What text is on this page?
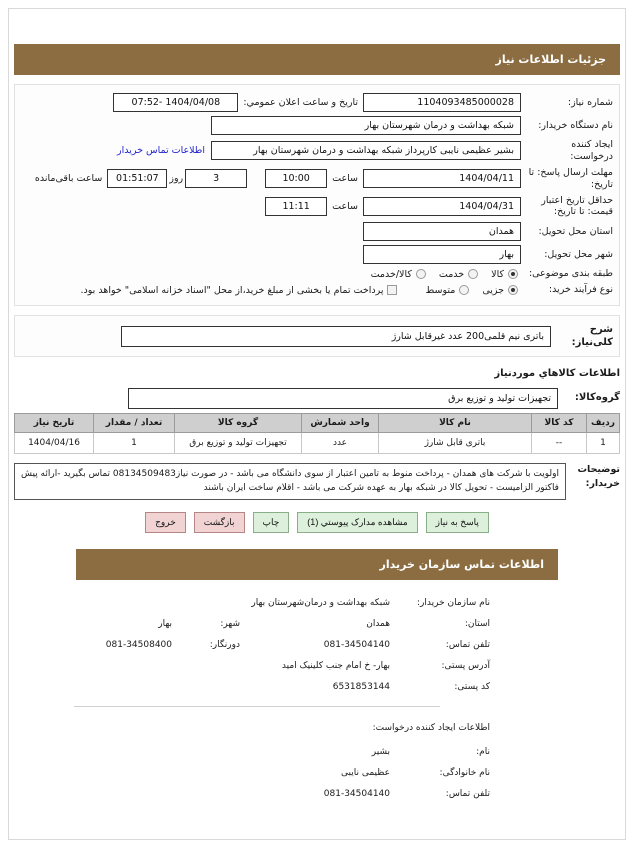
جزئیات اطلاعات نیاز
شماره نیاز:
1104093485000028
تاریخ و ساعت اعلان عمومي:
1404/04/08 -07:52
نام دستگاه خریدار:
شبکه بهداشت و درمان شهرستان بهار
ایجاد کننده درخواست:
بشیر عظیمی نایبی کارپرداز شبکه بهداشت و درمان شهرستان بهار
اطلاعات تماس خریدار
مهلت ارسال پاسخ: تا تاریخ:
1404/04/11
ساعت
10:00
3
روز
01:51:07
ساعت باقی‌مانده
حداقل تاریخ اعتبار قیمت: تا تاریخ:
1404/04/31
ساعت
11:11
استان محل تحویل:
همدان
شهر محل تحویل:
بهار
طبقه بندی موضوعی:
کالا
خدمت
کالا/خدمت
نوع فرآیند خرید:
جزیی
متوسط
پرداخت تمام یا بخشی از مبلغ خرید،از محل "اسناد خزانه اسلامی" خواهد بود.
شرح کلی‌نیاز:
باتری نیم قلمی200 عدد غیرقابل شارژ
اطلاعات کالاهاي موردنیاز
گروه‌کالا:
تجهیزات تولید و توزیع برق
ردیف	کد کالا	نام کالا	واحد شمارش	گروه کالا	تعداد / مقدار	تاریخ نیاز
1	--	باتری قابل شارژ	عدد	تجهیزات تولید و توزیع برق	1	1404/04/16
توضیحات خریدار:
اولویت با شرکت های همدان - پرداخت منوط به تامین اعتبار از سوی دانشگاه می باشد - در صورت نیاز08134509483 تماس بگیرید -ارائه پیش فاکتور الزامیست - تحویل کالا در شبکه بهار به عهده شرکت می باشد - اقلام ساخت ایران باشند
پاسخ به نیاز
مشاهده مدارک پیوستي (1)
چاپ
بازگشت
خروج
اطلاعات تماس سازمان خریدار
نام سازمان خریدار:
شبکه بهداشت و درمان‌شهرستان بهار
استان:
همدان
شهر:
بهار
تلفن تماس:
081-34504140
دورنگار:
081-34508400
آدرس پستی:
بهار- خ امام جنب کلینیک امید
کد پستی:
6531853144
اطلاعات ایجاد کننده درخواست:
نام:
بشیر
نام خانوادگی:
عظیمی نایبی
تلفن تماس:
081-34504140
